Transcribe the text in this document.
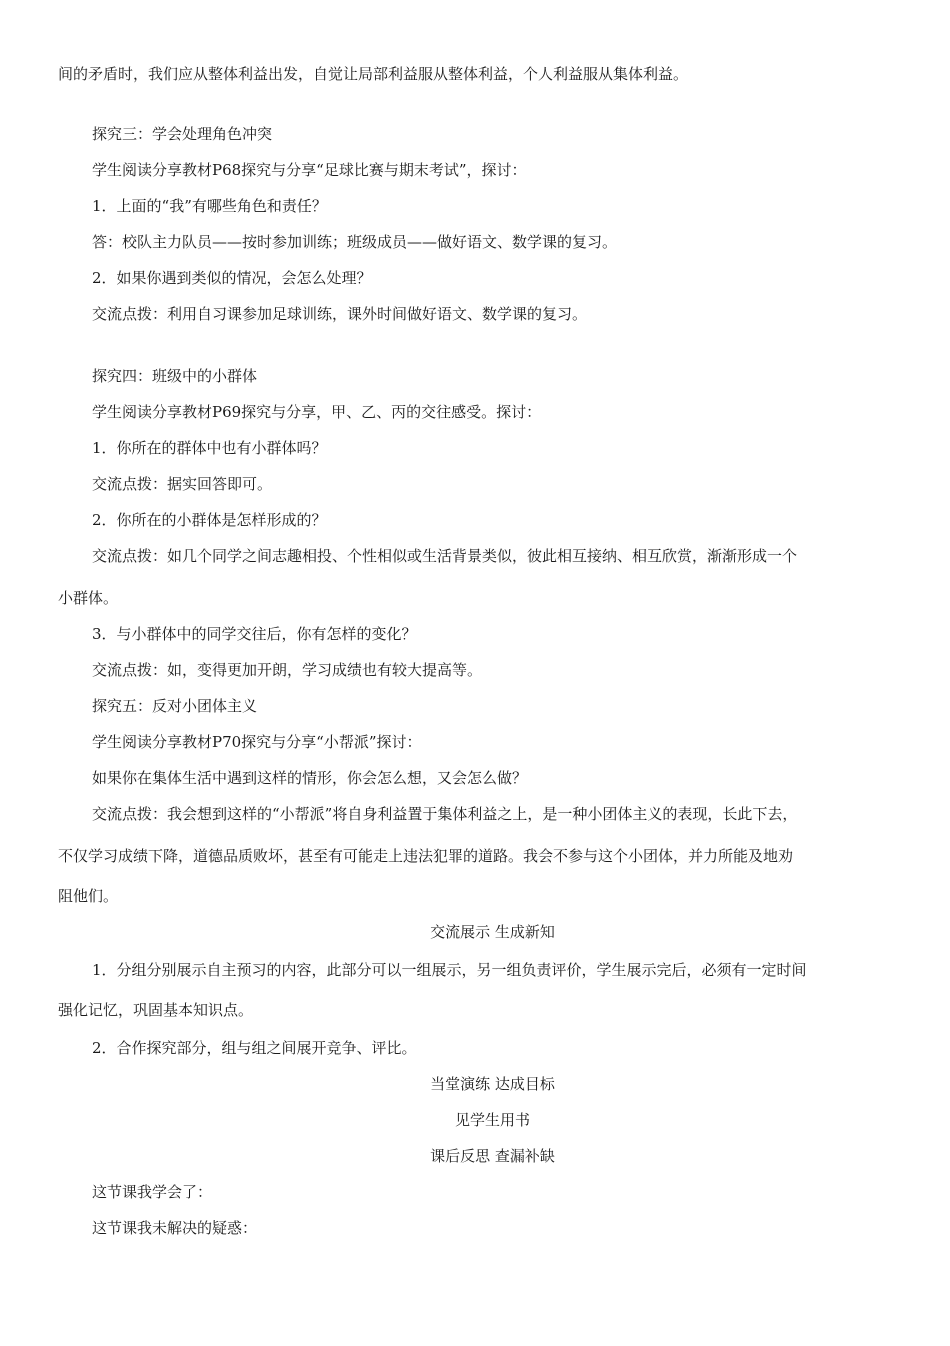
间的矛盾时，我们应从整体利益出发，自觉让局部利益服从整体利益，个人利益服从集体利益。
探究三：学会处理角色冲突
学生阅读分享教材P68探究与分享“足球比赛与期末考试”，探讨：
1．上面的“我”有哪些角色和责任？
答：校队主力队员——按时参加训练；班级成员——做好语文、数学课的复习。
2．如果你遇到类似的情况，会怎么处理？
交流点拨：利用自习课参加足球训练，课外时间做好语文、数学课的复习。
探究四：班级中的小群体
学生阅读分享教材P69探究与分享，甲、乙、丙的交往感受。探讨：
1．你所在的群体中也有小群体吗？
交流点拨：据实回答即可。
2．你所在的小群体是怎样形成的？
交流点拨：如几个同学之间志趣相投、个性相似或生活背景类似，彼此相互接纳、相互欣赏，渐渐形成一个
小群体。
3．与小群体中的同学交往后，你有怎样的变化？
交流点拨：如，变得更加开朗，学习成绩也有较大提高等。
探究五：反对小团体主义
学生阅读分享教材P70探究与分享“小帮派”探讨：
如果你在集体生活中遇到这样的情形，你会怎么想，又会怎么做？
交流点拨：我会想到这样的“小帮派”将自身利益置于集体利益之上，是一种小团体主义的表现，长此下去，
不仅学习成绩下降，道德品质败坏，甚至有可能走上违法犯罪的道路。我会不参与这个小团体，并力所能及地劝
阻他们。
交流展示 生成新知
1．分组分别展示自主预习的内容，此部分可以一组展示，另一组负责评价，学生展示完后，必须有一定时间
强化记忆，巩固基本知识点。
2．合作探究部分，组与组之间展开竞争、评比。
当堂演练 达成目标
见学生用书
课后反思 查漏补缺
这节课我学会了：
这节课我未解决的疑惑：
